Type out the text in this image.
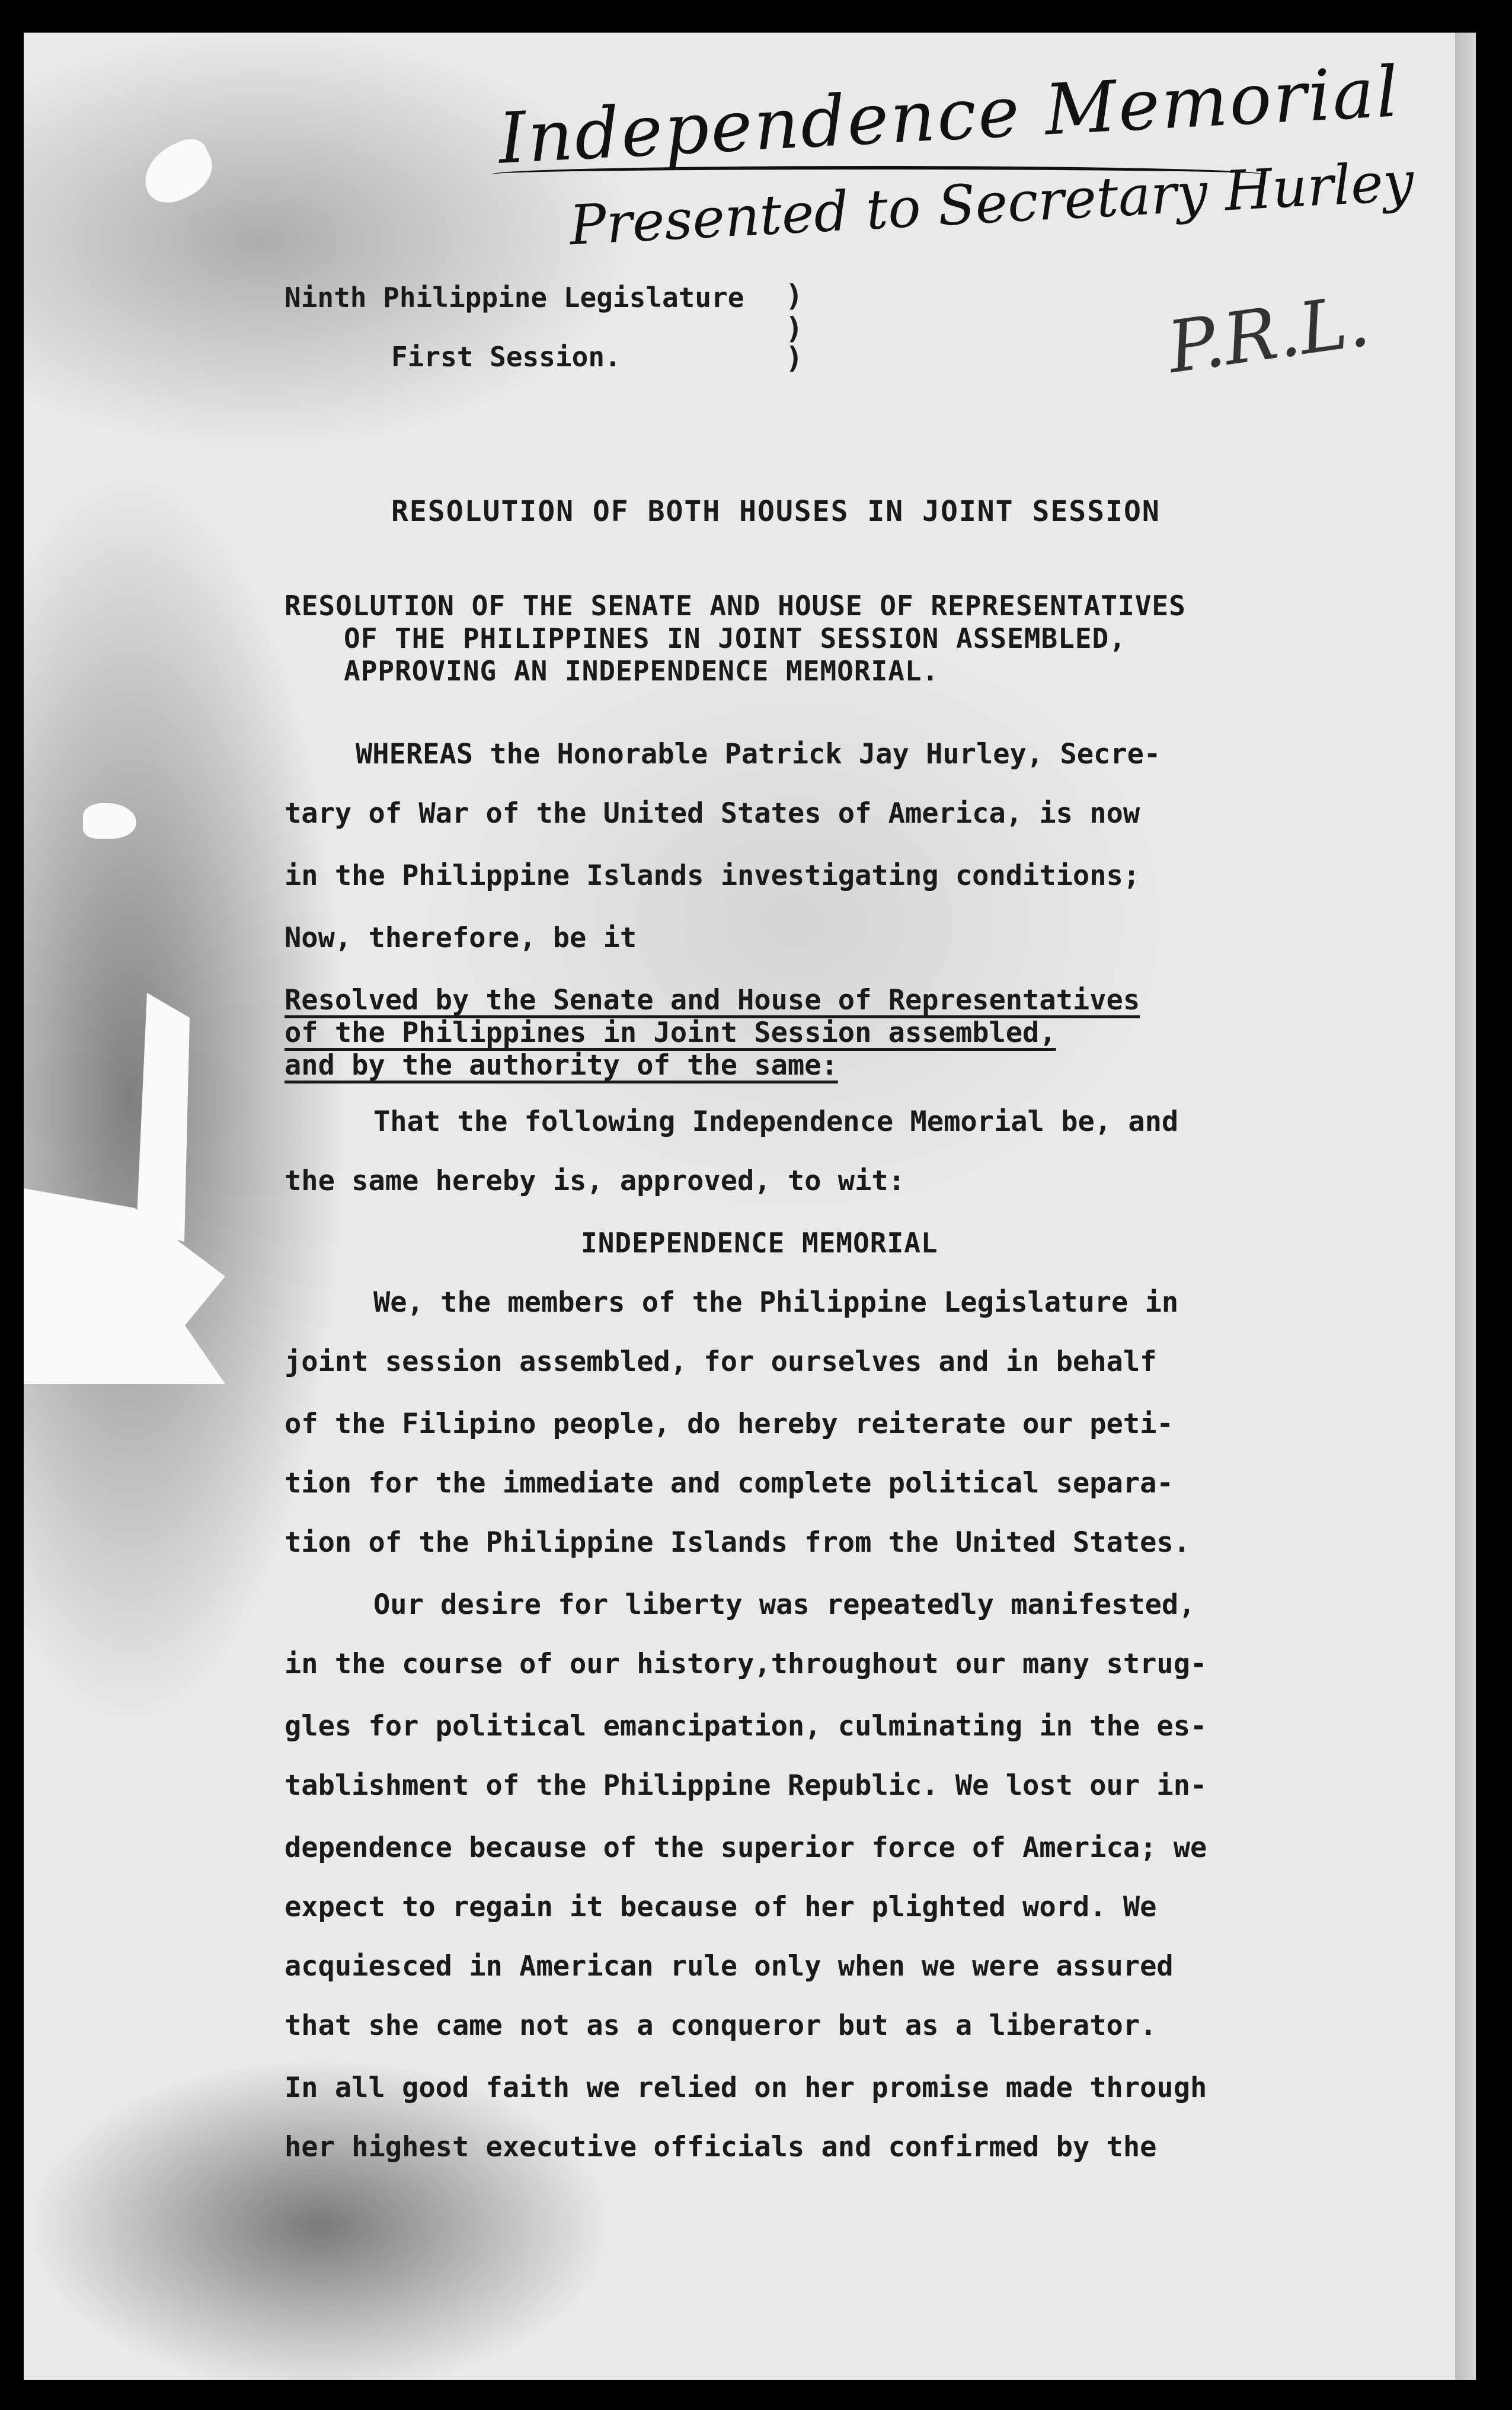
Independence Memorial
Presented to Secretary Hurley
P.R.L.
Ninth Philippine Legislature
First Session.
)
)
)
RESOLUTION OF BOTH HOUSES IN JOINT SESSION
RESOLUTION OF THE SENATE AND HOUSE OF REPRESENTATIVES
OF THE PHILIPPINES IN JOINT SESSION ASSEMBLED,
APPROVING AN INDEPENDENCE MEMORIAL.
WHEREAS the Honorable Patrick Jay Hurley, Secre-
tary of War of the United States of America, is now
in the Philippine Islands investigating conditions;
Now, therefore, be it
Resolved by the Senate and House of Representatives
of the Philippines in Joint Session assembled,
and by the authority of the same:
That the following Independence Memorial be, and
the same hereby is, approved, to wit:
INDEPENDENCE MEMORIAL
We, the members of the Philippine Legislature in
joint session assembled, for ourselves and in behalf
of the Filipino people, do hereby reiterate our peti-
tion for the immediate and complete political separa-
tion of the Philippine Islands from the United States.
Our desire for liberty was repeatedly manifested,
in the course of our history,throughout our many strug-
gles for political emancipation, culminating in the es-
tablishment of the Philippine Republic. We lost our in-
dependence because of the superior force of America; we
expect to regain it because of her plighted word. We
acquiesced in American rule only when we were assured
that she came not as a conqueror but as a liberator.
In all good faith we relied on her promise made through
her highest executive officials and confirmed by the
